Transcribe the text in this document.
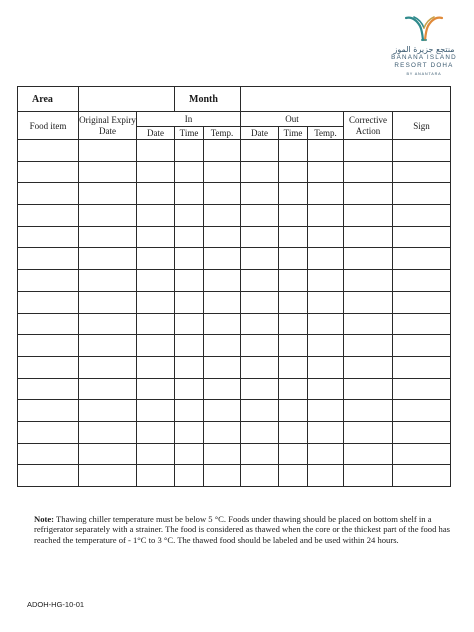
منتجع جزيرة الموز
BANANA ISLAND
RESORT DOHA
BY ANANTARA
Area			Month						
Food item	Original Expiry Date	In			Out			Corrective Action	Sign
		Date	Time	Temp.	Date	Time	Temp.		

Note: Thawing chiller temperature must be below 5 °C. Foods under thawing should be placed on bottom shelf in a refrigerator separately with a strainer. The food is considered as thawed when the core or the thickest part of the food has reached the temperature of - 1°C to 3 °C. The thawed food should be labeled and be used within 24 hours.
ADOH-HG-10-01
